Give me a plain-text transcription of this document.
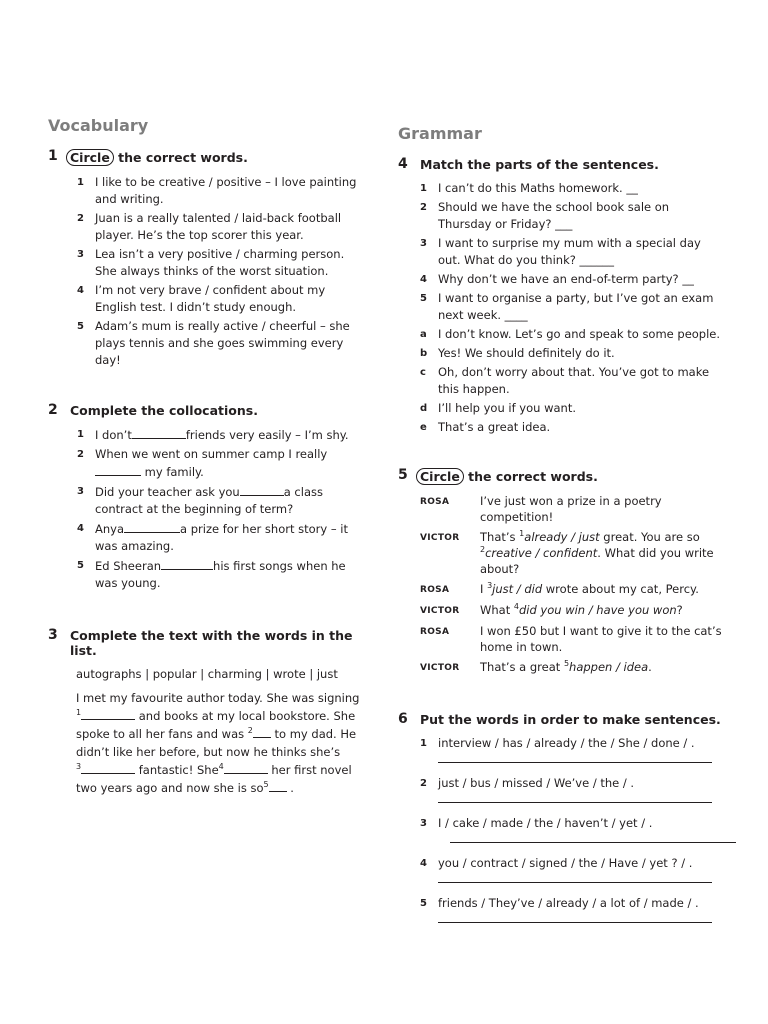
Vocabulary
1 Circle the correct words.
1 I like to be creative / positive – I love painting and writing.
2 Juan is a really talented / laid-back football player. He’s the top scorer this year.
3 Lea isn’t a very positive / charming person. She always thinks of the worst situation.
4 I’m not very brave / confident about my English test. I didn’t study enough.
5 Adam’s mum is really active / cheerful – she plays tennis and she goes swimming every day!
2 Complete the collocations.
1 I don’t	friends very easily – I’m shy.
2 When we went on summer camp I really  my family.
3 Did your teacher ask you	a class contract at the beginning of term?
4 Anya	a prize for her short story – it was amazing.
5 Ed Sheeran	his first songs when he was young.
3 Complete the text with the words in the list.
autographs | popular | charming | wrote | just
I met my favourite author today. She was signing
$^1$	and books at my local bookstore. She spoke to all her fans and was $^2$ to my dad. He didn’t like her before, but now he thinks she’s
$^3$	fantastic! She$^4$	her first novel two years ago and now she is $so^5$ .
Grammar
4 Match the parts of the sentences.
1 I can’t do this Maths homework. __
2 Should we have the school book sale on Thursday or Friday? ___
3 I want to surprise my mum with a special day out. What do you think? ______
4 Why don’t we have an end-of-term party? __
5 I want to organise a party, but I’ve got an exam next week. ____
a I don’t know. Let’s go and speak to some people.
b Yes! We should definitely do it.
c	Oh, don’t worry about that. You’ve got to make this happen.
d I’ll help you if you want.
e That’s a great idea.
5 Circle the correct words.
ROSA	I’ve just won a prize in a poetry competition!
VICTOR	That’s $^1$already / just great. You are so $^2$creative / confident. What did you write about?
ROSA	I $^3$just / did wrote about my cat, Percy.
VICTOR	What $^4$did you win / have you won?
ROSA	I won £50 but I want to give it to the cat’s home in town.
VICTOR	That’s a great $^5$happen / idea.
6 Put the words in order to make sentences.
1 interview / has / already / the / She / done / .
2 just / bus / missed / We’ve / the / .
3 I / cake / made / the / haven’t / yet / .
4 you / contract / signed / the / Have / yet ? / .
5 friends / They’ve / already / a lot of / made / .
